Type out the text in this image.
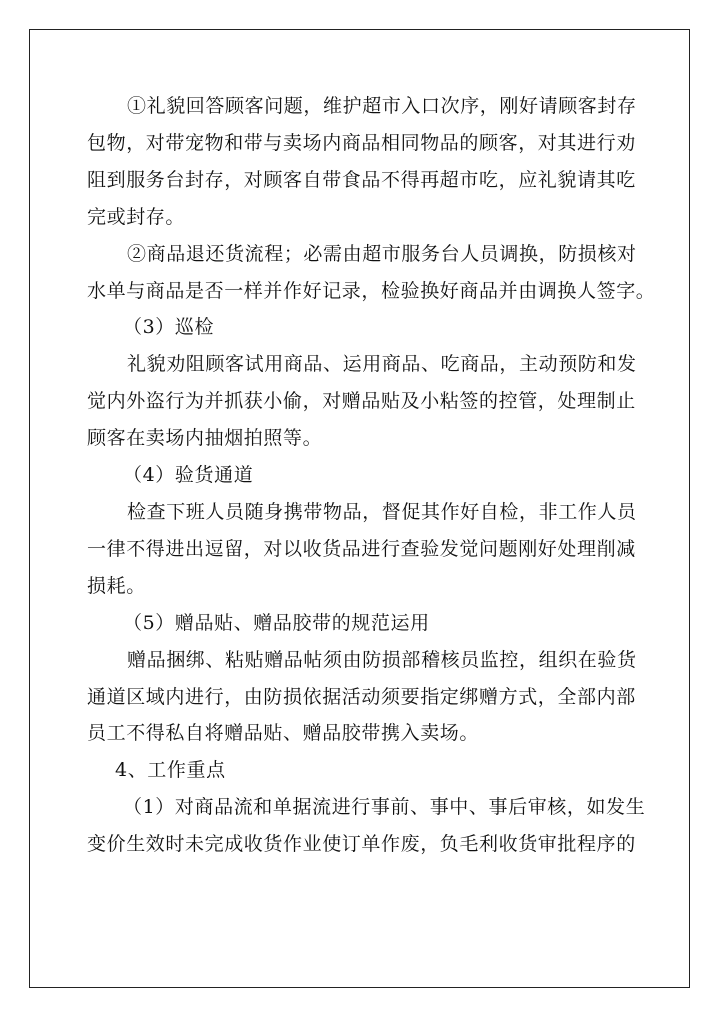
①礼貌回答顾客问题，维护超市入口次序，刚好请顾客封存
包物，对带宠物和带与卖场内商品相同物品的顾客，对其进行劝
阻到服务台封存，对顾客自带食品不得再超市吃，应礼貌请其吃
完或封存。
②商品退还货流程；必需由超市服务台人员调换，防损核对
水单与商品是否一样并作好记录，检验换好商品并由调换人签字。
（3）巡检
礼貌劝阻顾客试用商品、运用商品、吃商品，主动预防和发
觉内外盗行为并抓获小偷，对赠品贴及小粘签的控管，处理制止
顾客在卖场内抽烟拍照等。
（4）验货通道
检查下班人员随身携带物品，督促其作好自检，非工作人员
一律不得进出逗留，对以收货品进行查验发觉问题刚好处理削减
损耗。
（5）赠品贴、赠品胶带的规范运用
赠品捆绑、粘贴赠品帖须由防损部稽核员监控，组织在验货
通道区域内进行，由防损依据活动须要指定绑赠方式，全部内部
员工不得私自将赠品贴、赠品胶带携入卖场。
4、工作重点
（1）对商品流和单据流进行事前、事中、事后审核，如发生
变价生效时未完成收货作业使订单作废，负毛利收货审批程序的
